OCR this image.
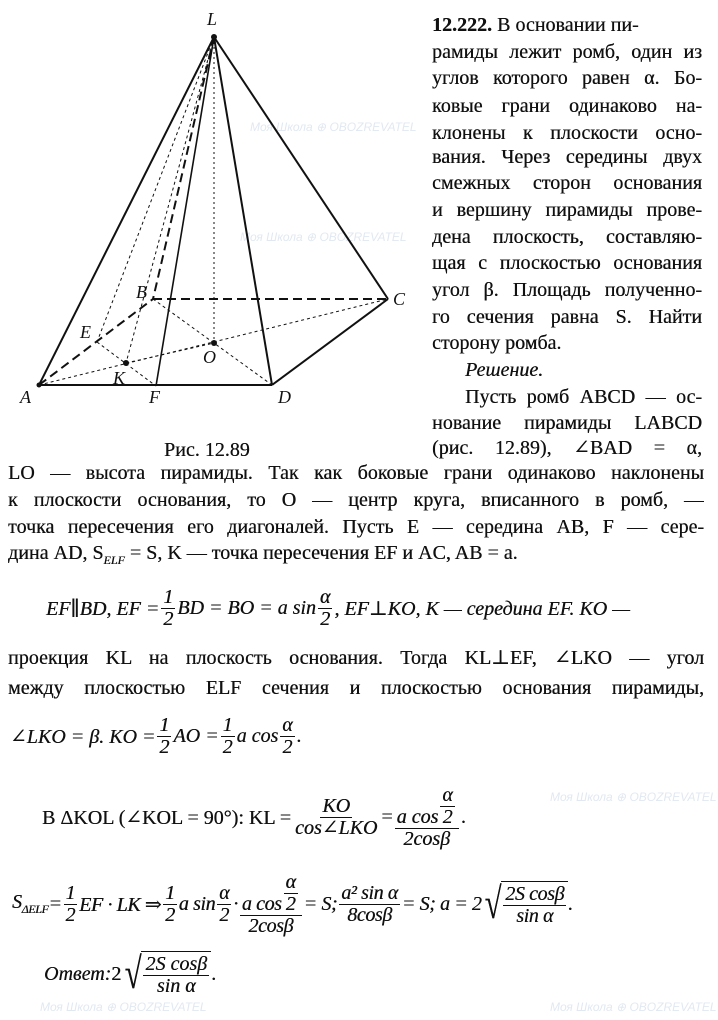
Моя Школа ⊕ OBOZREVATEL
Моя Школа ⊕ OBOZREVATEL
Моя Школа ⊕ OBOZREVATEL
Моя Школа ⊕ OBOZREVATEL
Моя Школа ⊕ OBOZREVATEL
L
A
B	C
D
E
F
K
O
Рис. 12.89
12.222. В основании пи-
рамиды лежит ромб, один из
углов которого равен α. Бо-
ковые грани одинаково на-
клонены к плоскости осно-
вания. Через середины двух
смежных сторон основания
и вершину пирамиды прове-
дена плоскость, составляю-
щая с плоскостью основания
угол β. Площадь полученно-
го сечения равна S. Найти
сторону ромба.
Решение.
Пусть ромб ABCD — ос-
нование пирамиды LABCD
(рис. 12.89), ∠BAD = α,
LO — высота пирамиды. Так как боковые грани одинаково наклонены
к плоскости основания, то O — центр круга, вписанного в ромб, —
точка пересечения его диагоналей. Пусть E — середина AB, F — сере-
дина AD, $S_{ELF} = S$, K — точка пересечения EF и AC, AB = a.
EF∥BD, EF = $\frac{1}{2}$ BD = BO = a $\sin \frac{\alpha}{2}$ , EF⊥KO, K — середина EF. KO —
проекция KL на плоскость основания. Тогда KL⊥EF, ∠LKO — угол
между плоскостью ELF сечения и плоскостью основания пирамиды,
∠LKO = β. KO = $\frac{1}{2}$ AO = $\frac{1}{2}$ a $\cos \frac{\alpha}{2}$ .
В ΔKOL (∠KOL = 90°): KL = $\frac{KO}{\text{cos∠LKO}} = \frac{a \cos \frac{\alpha}{2}}{2\cos\beta}$ .
$S_{\Delta ELF} = \frac{1}{2}$ EF · LK ⇒ $\frac{1}{2}$ a $\sin \frac{\alpha}{2} \cdot \frac{a \cos \frac{\alpha}{2}}{2\cos\beta} = S$; $\frac{\text{a² sin α}}{8\cos\beta} = S$; a = 2 √ $\frac{\text{2S cosβ}}{\text{sin α}}$ .
Ответ: 2 √ $\frac{\text{2S cosβ}}{\text{sin α}}$ .
